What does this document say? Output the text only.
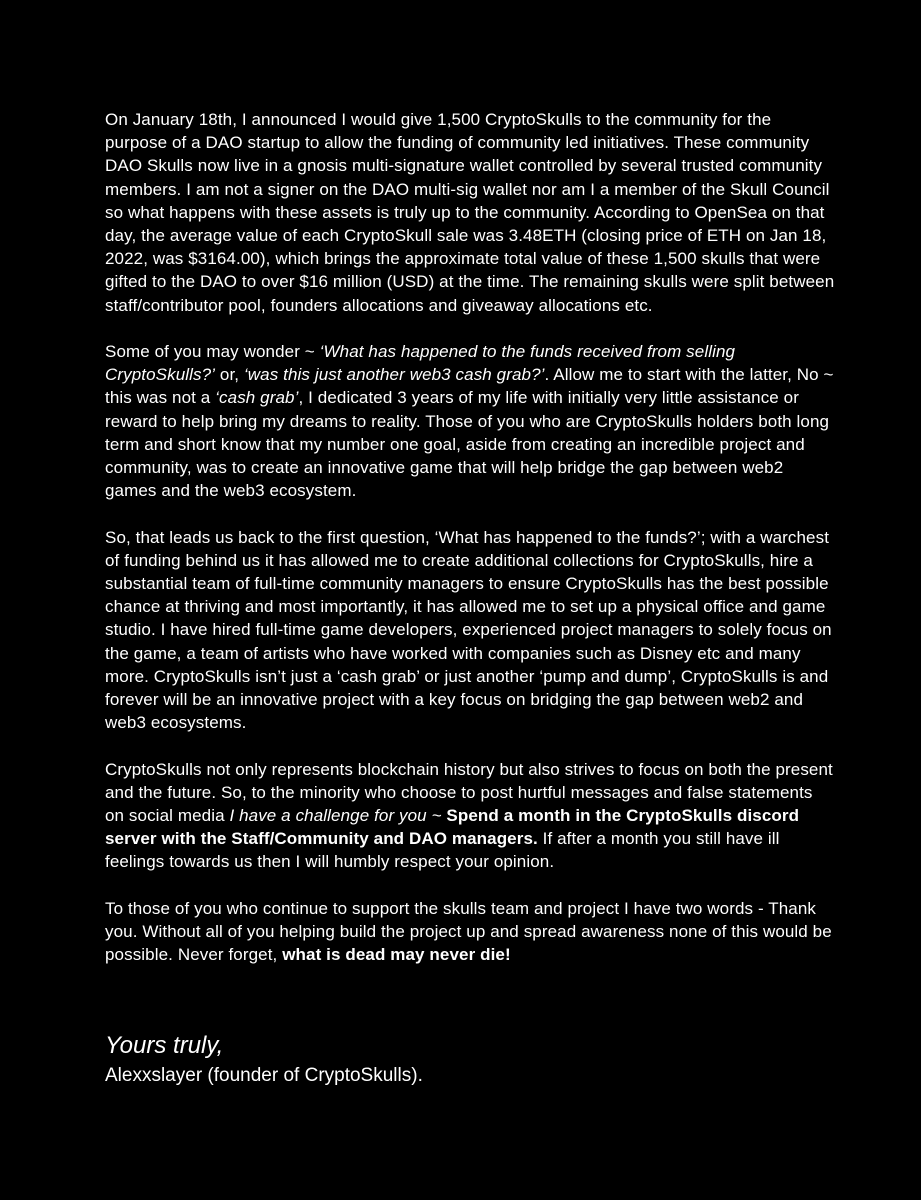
On January 18th, I announced I would give 1,500 CryptoSkulls to the community for the purpose of a DAO startup to allow the funding of community led initiatives. These community DAO Skulls now live in a gnosis multi-signature wallet controlled by several trusted community members. I am not a signer on the DAO multi-sig wallet nor am I a member of the Skull Council so what happens with these assets is truly up to the community. According to OpenSea on that day, the average value of each CryptoSkull sale was 3.48ETH (closing price of ETH on Jan 18, 2022, was $3164.00), which brings the approximate total value of these 1,500 skulls that were gifted to the DAO to over $16 million (USD) at the time. The remaining skulls were split between staff/contributor pool, founders allocations and giveaway allocations etc.

Some of you may wonder ~ ‘What has happened to the funds received from selling CryptoSkulls?’ or, ‘was this just another web3 cash grab?’. Allow me to start with the latter, No ~ this was not a ‘cash grab’, I dedicated 3 years of my life with initially very little assistance or reward to help bring my dreams to reality. Those of you who are CryptoSkulls holders both long term and short know that my number one goal, aside from creating an incredible project and community, was to create an innovative game that will help bridge the gap between web2 games and the web3 ecosystem.

So, that leads us back to the first question, ‘What has happened to the funds?’; with a warchest of funding behind us it has allowed me to create additional collections for CryptoSkulls, hire a substantial team of full-time community managers to ensure CryptoSkulls has the best possible chance at thriving and most importantly, it has allowed me to set up a physical office and game studio. I have hired full-time game developers, experienced project managers to solely focus on the game, a team of artists who have worked with companies such as Disney etc and many more. CryptoSkulls isn’t just a ‘cash grab’ or just another ‘pump and dump’, CryptoSkulls is and forever will be an innovative project with a key focus on bridging the gap between web2 and web3 ecosystems.

CryptoSkulls not only represents blockchain history but also strives to focus on both the present and the future. So, to the minority who choose to post hurtful messages and false statements on social media I have a challenge for you ~ Spend a month in the CryptoSkulls discord server with the Staff/Community and DAO managers. If after a month you still have ill feelings towards us then I will humbly respect your opinion.

To those of you who continue to support the skulls team and project I have two words - Thank you. Without all of you helping build the project up and spread awareness none of this would be possible. Never forget, what is dead may never die!

Yours truly,
Alexxslayer (founder of CryptoSkulls).
